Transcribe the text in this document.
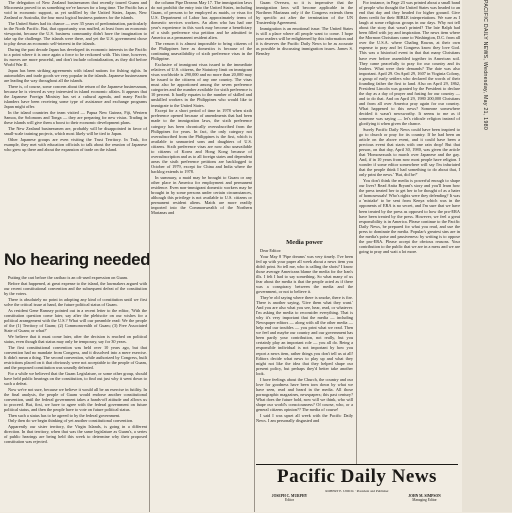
The delegation of New Zealand businessmen that recently toured Guam and Micronesia proved to us something we've known for a long time. The Pacific has a void in economic support, as yet unfilled by the United States, Japan, New Zealand or Australia, the four most logical business partners for the islands.

The United States had its chance — over 35 years of predomination, particularly in the North Pacific. But, that opportunity was muffed, at least from an economic viewpoint, because the U.S. business community didn't have the imagination to take up the challenge. The islands were there, and yet the U.S. government chose to play down an economic self-interest in the islands.

During the past decade Japan has developed its economic interests in the Pacific to a point where it is once again a force to be reckoned with. This time, however, its moves are more peaceful, and don't include colonialization, as they did before World War II.

Japan has been striking agreements with island nations for fishing rights. In automobiles and trade goods we very popular in the islands. Japanese businessmen are leading the way throughout all the islands.

There is, of course, some concern about the return of the Japanese businessman, because he is viewed as very interested in island economic affairs. It appears that the Japanese Foreign Ministry has set a cultural agenda, and many Pacific islanders have been receiving some type of assistance and exchange programs Japan might offer.

In the island countries the team visited — Papua New Guinea, Fiji, Western Samoa, the Solomons and Tonga — they are preparing for new vistas. Trading in these islands will give them a boost to their economic development plans.

The New Zealand businessmen are, probably will be disappointed in favor of small-scale training projects, which most likely will be tied to Japan.

Other Japanese groups are even visiting the Trust Territory. In Truk, for example, they met with education officials to talk about the reunion of Japanese who grew up there and about the expansion of trade on the island.

No hearing needed

Putting the cart before the caribao is an oft-used expression on Guam.

Before that happened, at great expense to the island, the lawmakers argued with our recent constitutional convention and the subsequent defeat of the constitution by the voters.

There is absolutely no point in adopting any kind of constitution until we first solve the critical issue at hand, the future political status of Guam.

As resident Gene Ramsey pointed out in a recent letter to the editor, 'With the constitution question come later, say after the plebiscite on our wishes for a political arrangement with the U.S.? What will our preamble read: We the people of the (1) Territory of Guam; (2) Commonwealth of Guam; (3) Free Associated State of Guam; or what?'

We believe that it must come later, after the decision is reached on political status, even though that status may only be temporary, say for 30 years.

The first constitutional convention was held over 10 years ago, but that convention had no mandate from Congress, and it dissolved into a mere exercise. It didn't mean a thing. The second convention, while authorized by Congress, built restrictions placed on it that obviously were not acceptable to the people of Guam, and the proposed constitution was soundly defeated.

For a while we believed that the Guam Legislature, or some other group, should have held public hearings on the constitution, to find out just why it went down to such a defeat.

Now we're not sure, because we believe it would all be an exercise in futility. In the final analysis, the people of Guam would endorse another constitutional convention, until the federal government takes a hands-off attitude and allows us to proceed. But, first, we have to agree with the federal government on future political status, and then the people have to vote on future political status.

Then such a status has to be agreed to by the federal government.

Only then do we begin thinking of yet another constitutional convention.

Apparently our sister territory, the Virgin Islands, is going in a different direction. In that territory, when that was the same legislature as Guam's, a series of public hearings are being held this week to determine why their proposed constitution was rejected.

the column Pipe Dreams May 17. The immigration laws do not prohibit the entry into the United States, including Guam, of persons to be employed as maids, or visas for U.S. Department of Labor has approximately terms of domestic services workers. An alien who has had one year's experience in this work may become a beneficiary of a sixth preference visa petition and be admitted to America as a permanent resident alien.

The reason it is almost impossible to bring citizens of the Philippines here as domestics is because of the continuing unavailability of sixth preference visas in the Philippine.

Exclusive of immigrant visas issued to the immediate relatives of U.S. citizens, the Statutory limit on immigrant visas worldwide is 290,000 and no more than 20,000 may be issued to the citizens of any one country. The visas must also be apportioned among the seven preference categories and the number available for sixth preference is 10 percent. It hardly equates to the number of skilled and unskilled workers in the Philippines who would like to immigrate to the United States.

Except for a short period of time in 1978 when sixth preference opened because of amendments that had been made to the immigration laws, the sixth preference category has been chronically oversubscribed from the Philippines for years. In fact, the only category not oversubscribed from the Philippines is the first, which is available to unmarried sons and daughters of U.S. citizens. Sixth preference visas are now also unavailable to citizens of Korea and Hong Kong because of oversubscription and as to all foreign states and dependent areas the sixth preference petitions are backlogged to October of 1979, except for China and India where the backlog extends to 1978.

In summary, a maid may be brought to Guam or any other place in America for employment and permanent residence. Even non-immigrant domestic workers may be brought in by some persons under certain circumstances, although this privilege is not available to U.S. citizens or permanent resident aliens. Maids are more readily imported into the Commonwealth of the Northern Marianas and

Guam Oversea, so it is imperative that the immigration laws will become applicable in the Northern Marianas only if the Congress extends them by specific act after the termination of the UN Trusteeship Agreement.

Immigration is an emotional issue. The United States is still a place where all people want to come. I hope your readers will be enlightened by this information and it is deserves the Pacific Daily News to be as accurate as possible in discussing immigration issues. James S. Bensley

Media power

Dear Editor:

Your May 8 'Pipe dreams' was very timely. I've been fed up with your paper all week about a news item you didn't print. So tell me, who is calling the shots? I know those average Americans blame the media for the Iran's ills. I felt I had to say something. So what many of us fear about the media is that the people acted as if there was a conspiracy between the media and the government, or not to believe it.

They're old saying where there is smoke, there is fire. There is another saying, 'Give them what they want.' And you are also what you see, hear, read, or whatever. I'm asking the media to reconsider everything. That is why it's very important that the media — including Newspaper editors — along with all the other media — help end our troubles — you print what we read. Then we feel and maybe our country and our government has been partly your contribution, not really, but you certainly play an important role — you all do. Being a responsible individual is not important by how you report a news item, rather things you don't tell us at all! Editors decide what news to play up and what they might not like the idea that they helped shape our present policy, but perhaps they'd better take another look.

I have feelings about the Church, the country and our love for goodness have been torn down by what we have seen, read and heard in the media. All those pornographic magazines, newspapers; this past century? What does the future hold, now will we think, who will shape our world's consciousness? Of course, who, or a general citizens opinion?? The media of course!

I said I was upset all week with the Pacific Daily News. I am personally disgusted and

For instance, in Page 23 was printed about a small band of people who thought the United States was headed to an end that day and they headed for higher ground. Give them credit for their BIBLE interpretations. We sure as I laugh at some religious groups in our days. Why not tell about the story that wasn't printed? The late Ralph had been filled with joy and inspiration. The news item where the Mormon Christians came to Washington, D.C. from all over the U.S.A. where Chafing Rawan, at their own expense to pray and let Congress know they love God. This was a historical event in that that many Christians have ever before assembled together in American soil. They came peacefully to pray for our country and its leaders. What were their demands? The date was also important. April 29. On April 29, 1607 in Virginia Colony, a group of early settlers who declared the words of their founding father the first to land. Also on April 29, 1862, President Lincoln was granted by the President to declare the day as a day of prayer and fasting for our country — and to do that. And on April 29, 1980 200,000 Christians and from all over America pray again for our country. What happened to this news? Someone somewhere decided it wasn't newsworthy. It seems to me as if someone was saying — let's ridicule religion instead of glorifying it when given the chance.

Surely Pacific Daily News could have been inspired to go to church or pray for its country. If he had been an article on the above event, and it could have been a precious event that starts with one rain drop! But that person, on that day, April 30, 1980, was given the article that 'Homosexuals to march over Japanese and the gay. And, if in 10 years from now most people have religion. I wonder if some editor somewhere will say I'm infuriated that the people think I had something to do about that, I only print the news.' 'But, did he?'

You don't think the media is powerful enough to shape our lives? Read Anita Bryant's story and you'll learn how the press treated her to get her to be thought of as a hater of homosexuals! Who's rights were they defending? It was a 'mistake' to be sent from Kenya which was in the opponents of ERA is no secret, and I'm sure that we have been treated by the press as opposed to how the pro-ERA have been treated by the press. However, we feel a great responsibility is in America. Please continue to the Pacific Daily News, be prepared for what you read, and use the press to dominate the media. Popular's greatest sins are in the media's poise and passiveness: by writing is to oppose the pro-ERA. Please accept the obvious reasons. Your contribution to the public that we are in a mess and we are going to pray and wait a lot more.

Pacific Daily News
ROBERT E. UDICK · President and Publisher
JOSEPH C. MURPHY
Editor
JOHN M. SIMPSON
Managing Editor
PACIFIC DAILY NEWS, Wednesday, May 21, 1980
